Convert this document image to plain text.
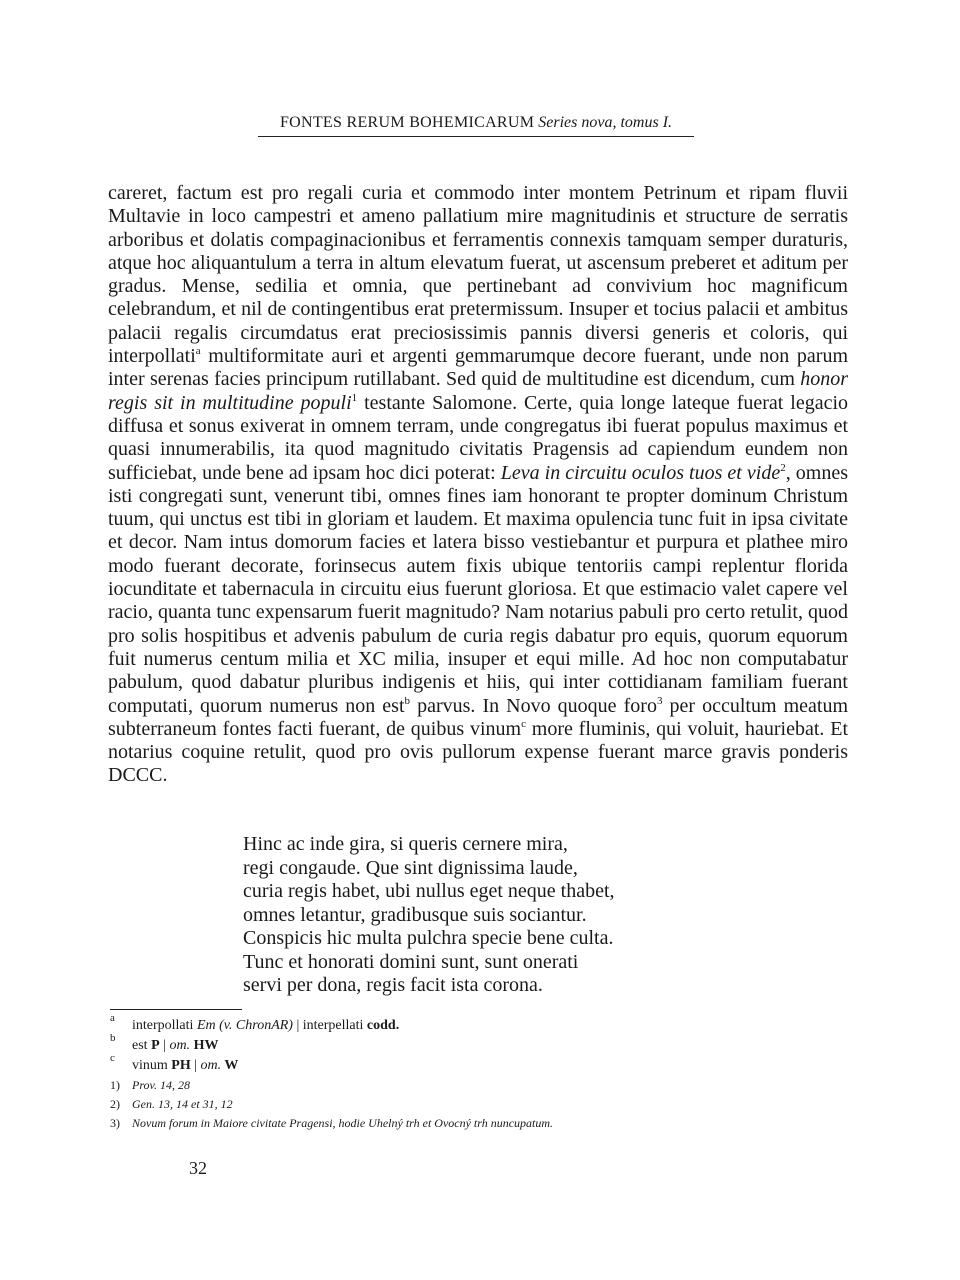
FONTES RERUM BOHEMICARUM Series nova, tomus I.

careret, factum est pro regali curia et commodo inter montem Petrinum et ripam fluvii Multavie in loco campestri et ameno pallatium mire magnitudinis et structure de serratis arboribus et dolatis compaginacionibus et ferramentis connexis tamquam semper duraturis, atque hoc aliquantulum a terra in altum elevatum fuerat, ut ascensum preberet et aditum per gradus. Mense, sedilia et omnia, que pertinebant ad convivium hoc magnificum celebrandum, et nil de contingentibus erat pretermissum. Insuper et tocius palacii et ambitus palacii regalis circumdatus erat preciosissimis pannis diversi generis et coloris, qui interpollati$^a$ multiformitate auri et argenti gemmarumque decore fuerant, unde non parum inter serenas facies principum rutillabant. Sed quid de multitudine est dicendum, cum honor regis sit in multitudine populi$^1$ testante Salomone. Certe, quia longe lateque fuerat legacio diffusa et sonus exiverat in omnem terram, unde congregatus ibi fuerat populus maximus et quasi innumerabilis, ita quod magnitudo civitatis Pragensis ad capiendum eundem non sufficiebat, unde bene ad ipsam hoc dici poterat: Leva in circuitu oculos tuos et vide$^2$, omnes isti congregati sunt, venerunt tibi, omnes fines iam honorant te propter dominum Christum tuum, qui unctus est tibi in gloriam et laudem. Et maxima opulencia tunc fuit in ipsa civitate et decor. Nam intus domorum facies et latera bisso vestiebantur et purpura et plathee miro modo fuerant decorate, forinsecus autem fixis ubique tentoriis campi replentur florida iocunditate et tabernacula in circuitu eius fuerunt gloriosa. Et que estimacio valet capere vel racio, quanta tunc expensarum fuerit magnitudo? Nam notarius pabuli pro certo retulit, quod pro solis hospitibus et advenis pabulum de curia regis dabatur pro equis, quorum equorum fuit numerus centum milia et XC milia, insuper et equi mille. Ad hoc non computabatur pabulum, quod dabatur pluribus indigenis et hiis, qui inter cottidianam familiam fuerant computati, quorum numerus non est$^b$ parvus. In Novo quoque foro$^3$ per occultum meatum subterraneum fontes facti fuerant, de quibus vinum$^c$ more fluminis, qui voluit, hauriebat. Et notarius coquine retulit, quod pro ovis pullorum expense fuerant marce gravis ponderis DCCC.

Hinc ac inde gira, si queris cernere mira,
regi congaude. Que sint dignissima laude,
curia regis habet, ubi nullus eget neque thabet,
omnes letantur, gradibusque suis sociantur.
Conspicis hic multa pulchra specie bene culta.
Tunc et honorati domini sunt, sunt onerati
servi per dona, regis facit ista corona.
$^a$	interpollati Em (v. ChronAR) | interpellati codd.
$^b$	est P | om. HW
$^c$	vinum PH | om. W
1)	Prov. 14, 28
2)	Gen. 13, 14 et 31, 12
3)	Novum forum in Maiore civitate Pragensi, hodie Uhelný trh et Ovocný trh nuncupatum.
32
